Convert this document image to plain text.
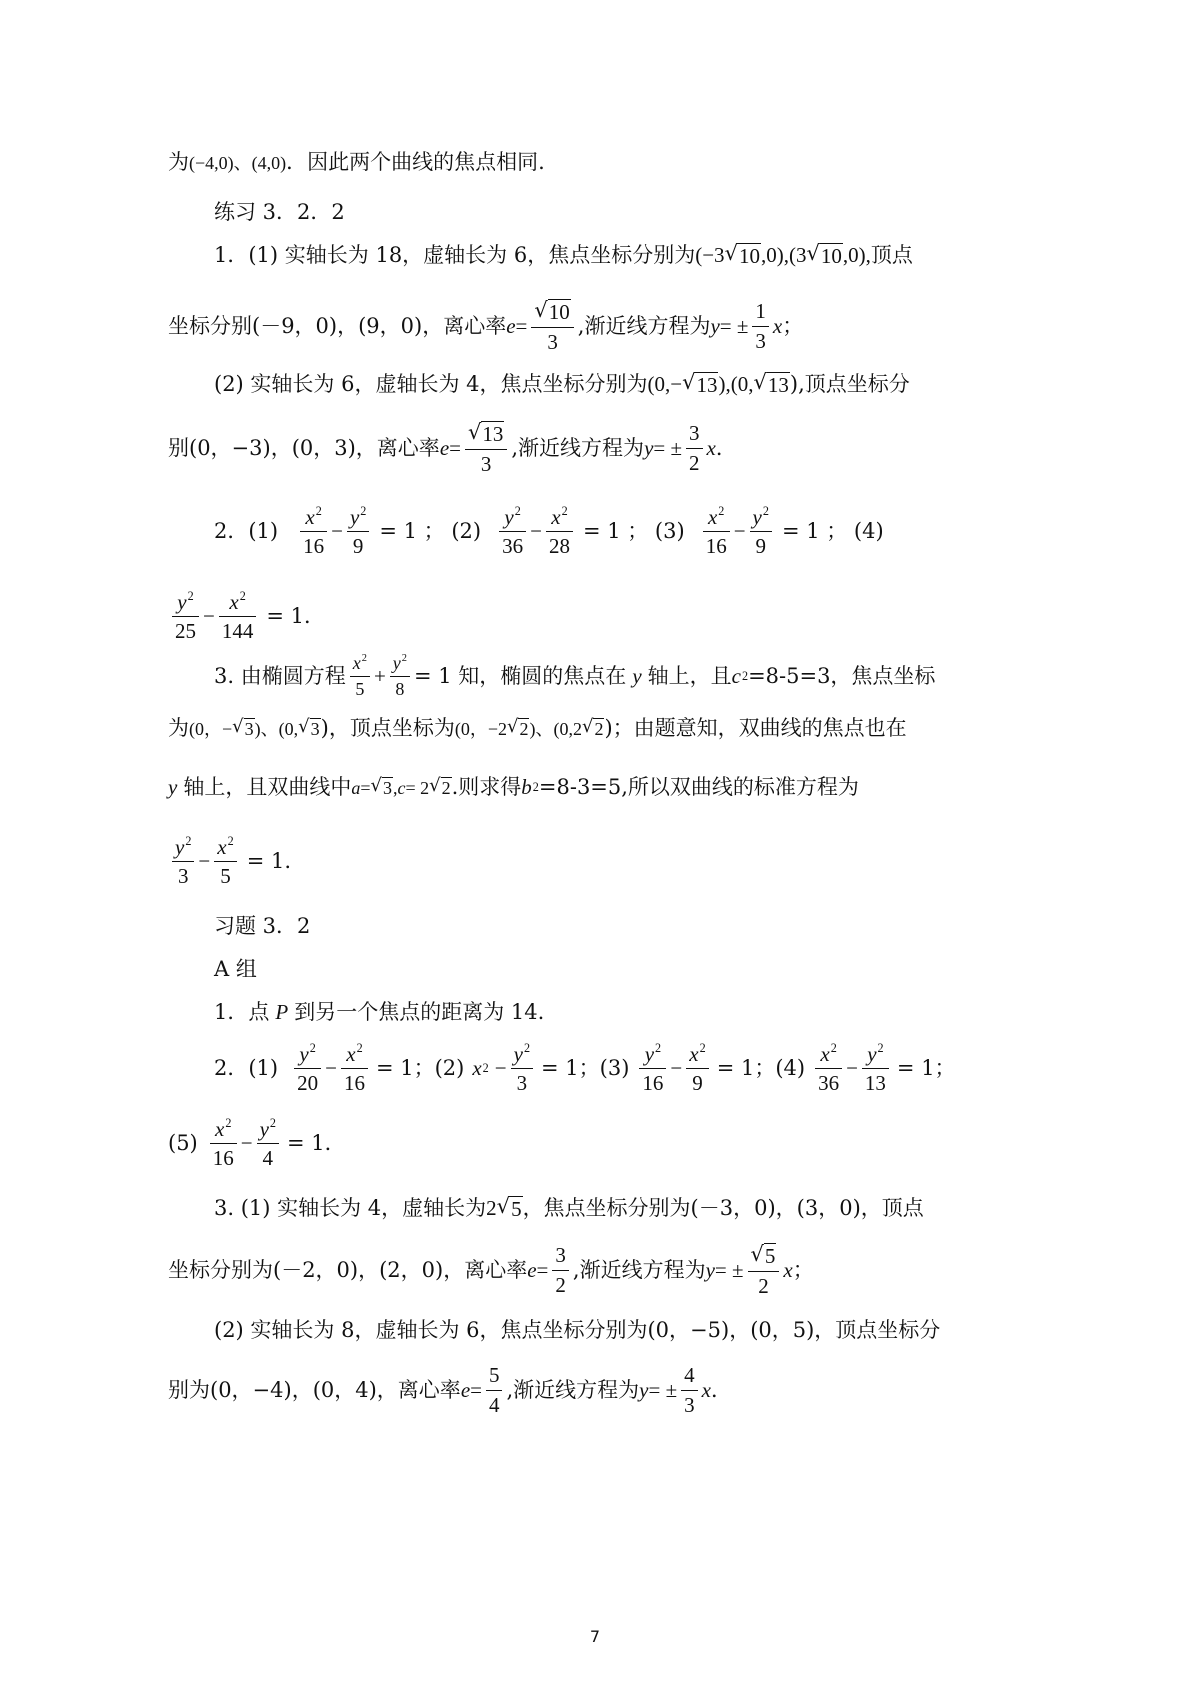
为 (−4,0)、(4,0) ．因此两个曲线的焦点相同.
练习 3．2．2
1．(1) 实轴长为 18，虚轴长为 6，焦点坐标分别为 (−3 √ 10 ,0),(3 √ 10 ,0),顶点
坐标分别(－9，0)，(9，0)，离心率 $e = \frac{√ 10}{3}$ ,渐近线方程为 y = ± $\frac{1}{3}$ x ；
(2) 实轴长为 6，虚轴长为 4，焦点坐标分别为 (0,− √ 13 ),(0, √ 13 ),顶点坐标分
别(0，−3)，(0，3)，离心率 $e = \frac{√ 13}{3}$ ,渐近线方程为 y = ± $\frac{3}{2}$ x ．
2．(1)
$x^2$
16
− $\frac{y^2}{9} = 1$ ； (2)
$y^2$
36
− $\frac{x^2}{28} = 1$ ； (3)
$x^2$
16
− $\frac{y^2}{9} = 1$ ； (4)
$y^2$
25
− $\frac{x^2}{144} = 1$．
3. 由椭圆方程
$x^2$
5
+ $\frac{y^2}{8} = 1$ 知，椭圆的焦点在 y 轴上，且 c 2 =8-5=3，焦点坐标
为 (0，− √ 3 )、(0, √ 3 )，顶点坐标为 (0，−2 √ 2 )、(0,2 √ 2 )；由题意知，双曲线的焦点也在
y 轴上，且双曲线中 a = √ 3 , c = 2 √ 2 .则求得 b 2 =8-3=5,所以双曲线的标准方程为
$y^2$
3
− $\frac{x^2}{5} = 1$.
习题 3．2
A 组
1．点 P 到另一个焦点的距离为 14.
2．(1)
$y^2$
20
− $\frac{x^2}{16} = 1$；(2) x $2 - \frac{y^2}{3} = 1$；(3)
$y^2$
16
− $\frac{x^2}{9} = 1$；(4)
$x^2$
36
− $\frac{y^2}{13} = 1$；
(5)
$x^2$
16
− $\frac{y^2}{4} = 1$．
3. (1) 实轴长为 4，虚轴长为 2 √ 5 ，焦点坐标分别为(－3，0)，(3，0)，顶点
坐标分别为(－2，0)，(2，0)，离心率 $e = \frac{3}{2}$ ,渐近线方程为 y = ± $\frac{√ 5}{2}$ x ；
(2) 实轴长为 8，虚轴长为 6，焦点坐标分别为(0，−5)，(0，5)，顶点坐标分
别为(0，−4)，(0，4)，离心率 $e = \frac{5}{4}$ ,渐近线方程为 y = ± $\frac{4}{3}$ x ．
7
